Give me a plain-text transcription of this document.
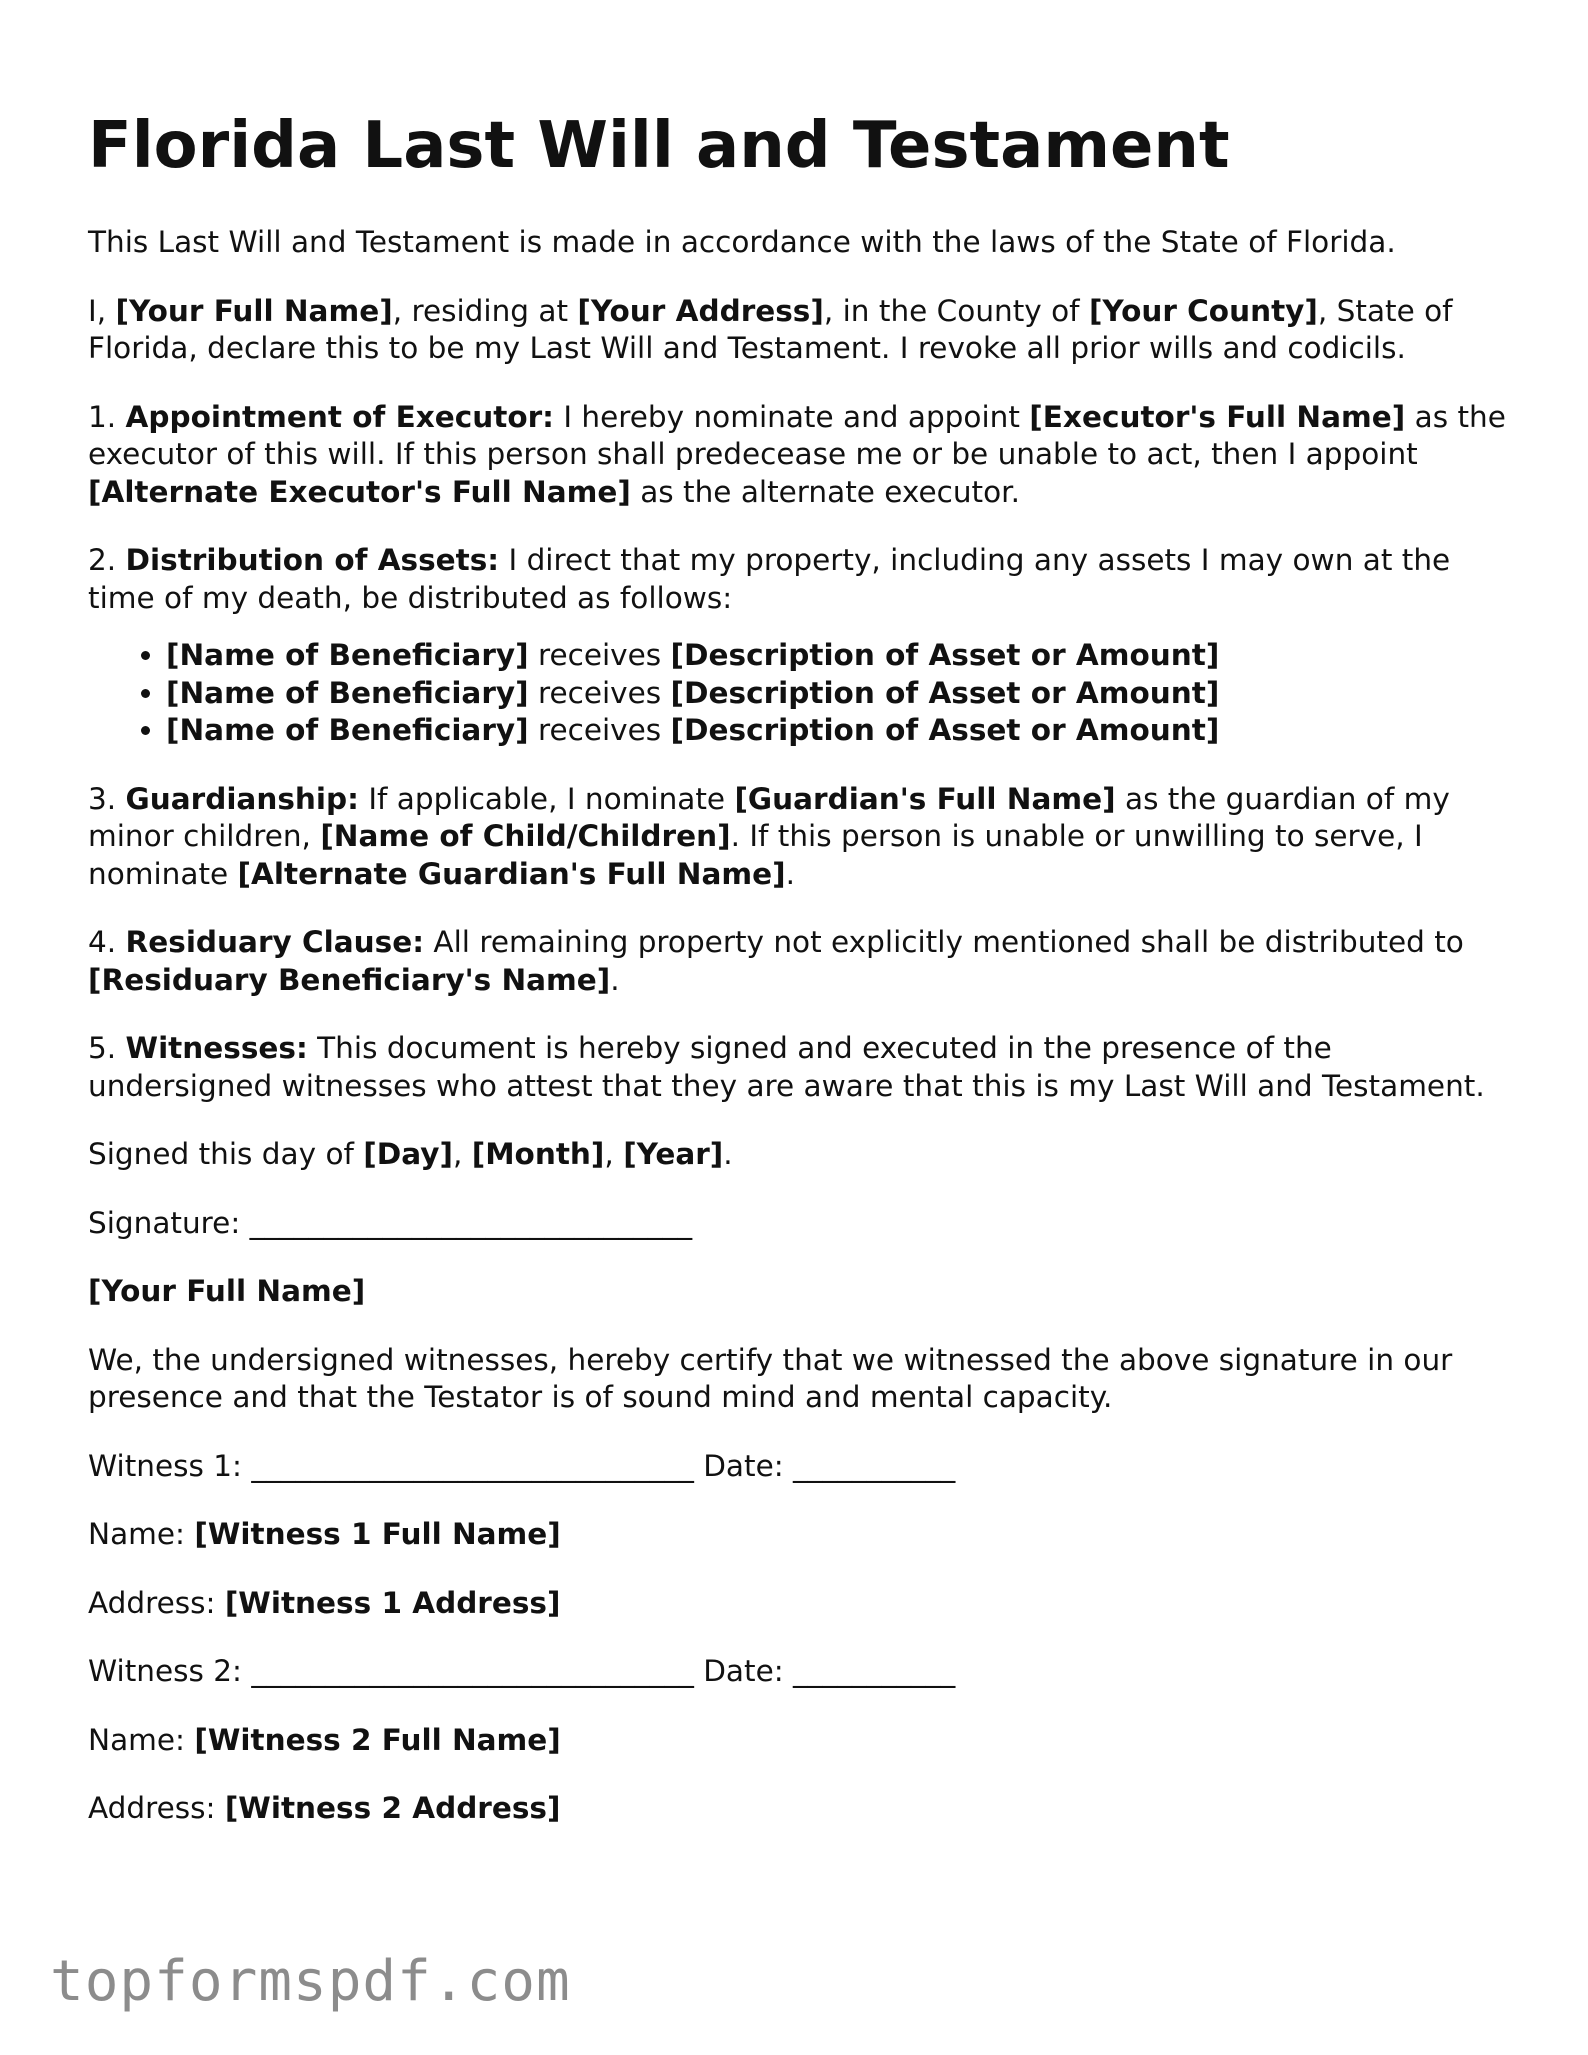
Florida Last Will and Testament

This Last Will and Testament is made in accordance with the laws of the State of Florida.

I, [Your Full Name], residing at [Your Address], in the County of [Your County], State of Florida, declare this to be my Last Will and Testament. I revoke all prior wills and codicils.

1. Appointment of Executor: I hereby nominate and appoint [Executor's Full Name] as the executor of this will. If this person shall predecease me or be unable to act, then I appoint [Alternate Executor's Full Name] as the alternate executor.

2. Distribution of Assets: I direct that my property, including any assets I may own at the time of my death, be distributed as follows:

• [Name of Beneficiary] receives [Description of Asset or Amount]
• [Name of Beneficiary] receives [Description of Asset or Amount]
• [Name of Beneficiary] receives [Description of Asset or Amount]

3. Guardianship: If applicable, I nominate [Guardian's Full Name] as the guardian of my minor children, [Name of Child/Children]. If this person is unable or unwilling to serve, I nominate [Alternate Guardian's Full Name].

4. Residuary Clause: All remaining property not explicitly mentioned shall be distributed to [Residuary Beneficiary's Name].

5. Witnesses: This document is hereby signed and executed in the presence of the undersigned witnesses who attest that they are aware that this is my Last Will and Testament.

Signed this day of [Day], [Month], [Year].

Signature: ______________________________

[Your Full Name]

We, the undersigned witnesses, hereby certify that we witnessed the above signature in our presence and that the Testator is of sound mind and mental capacity.

Witness 1: ______________________________ Date: ___________

Name: [Witness 1 Full Name]

Address: [Witness 1 Address]

Witness 2: ______________________________ Date: ___________

Name: [Witness 2 Full Name]

Address: [Witness 2 Address]

topformspdf.com
